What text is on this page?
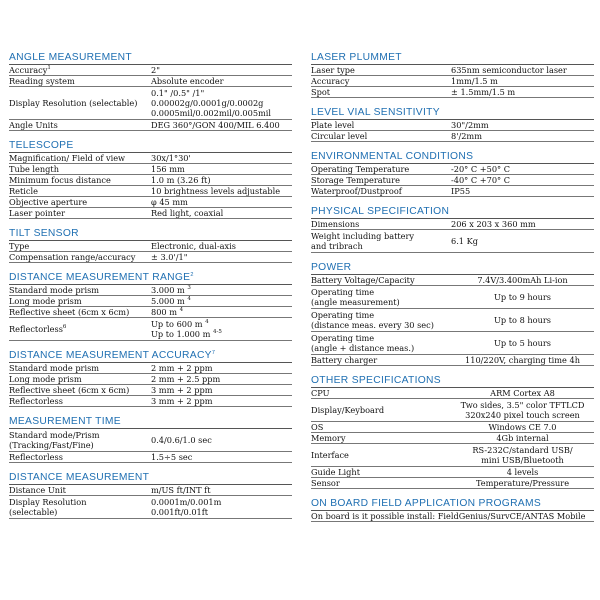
ANGLE MEASUREMENT
Accuracy$^1$	2"
Reading system	Absolute encoder
Display Resolution (selectable)
0.1" /0.5" /1"
0.00002g/0.0001g/0.0002g
0.0005mil/0.002mil/0.005mil
Angle Units	DEG 360°/GON 400/MIL 6.400
TELESCOPE
Magnification/ Field of view	30x/1°30'
Tube length	156 mm
Minimum focus distance	1.0 m (3.26 ft)
Reticle	10 brightness levels adjustable
Objective aperture	φ 45 mm
Laser pointer	Red light, coaxial
TILT SENSOR
Type	Electronic, dual-axis
Compensation range/accuracy	± 3.0'/1"
DISTANCE MEASUREMENT RANGE$^2$
Standard mode prism	3.000 m $^3$
Long mode prism	5.000 m $^4$
Reflective sheet (6cm x 6cm)	800 m $^4$
Reflectorless$^6$	Up to 600 m $^4$
Up to 1.000 m $^{4-5}$
DISTANCE MEASUREMENT ACCURACY$^7$
Standard mode prism	2 mm + 2 ppm
Long mode prism	2 mm + 2.5 ppm
Reflective sheet (6cm x 6cm)	3 mm + 2 ppm
Reflectorless	3 mm + 2 ppm
MEASUREMENT TIME
Standard mode/Prism
(Tracking/Fast/Fine)	0.4/0.6/1.0 sec
Reflectorless	1.5÷5 sec
DISTANCE MEASUREMENT
Distance Unit	m/US ft/INT ft
Display Resolution
(selectable)
0.0001m/0.001m
0.001ft/0.01ft
LASER PLUMMET
Laser type	635nm semiconductor laser
Accuracy	1mm/1.5 m
Spot	± 1.5mm/1.5 m
LEVEL VIAL SENSITIVITY
Plate level	30"/2mm
Circular level	8'/2mm
ENVIRONMENTAL CONDITIONS
Operating Temperature	-20° C +50° C
Storage Temperature	-40° C +70° C
Waterproof/Dustproof	IP55
PHYSICAL SPECIFICATION
Dimensions	206 x 203 x 360 mm
Weight including battery
and tribrach	6.1 Kg
POWER
Battery Voltage/Capacity	7.4V/3.400mAh Li-ion
Operating time
(angle measurement)	Up to 9 hours
Operating time
(distance meas. every 30 sec)	Up to 8 hours
Operating time
(angle + distance meas.)	Up to 5 hours
Battery charger	110/220V, charging time 4h
OTHER SPECIFICATIONS
CPU	ARM Cortex A8
Display/Keyboard	Two sides, 3.5" color TFTLCD
320x240 pixel touch screen
OS	Windows CE 7.0
Memory	4Gb internal
Interface	RS-232C/standard USB/
mini USB/Bluetooth
Guide Light	4 levels
Sensor	Temperature/Pressure
ON BOARD FIELD APPLICATION PROGRAMS
On board is it possible install: FieldGenius/SurvCE/ANTAS Mobile
